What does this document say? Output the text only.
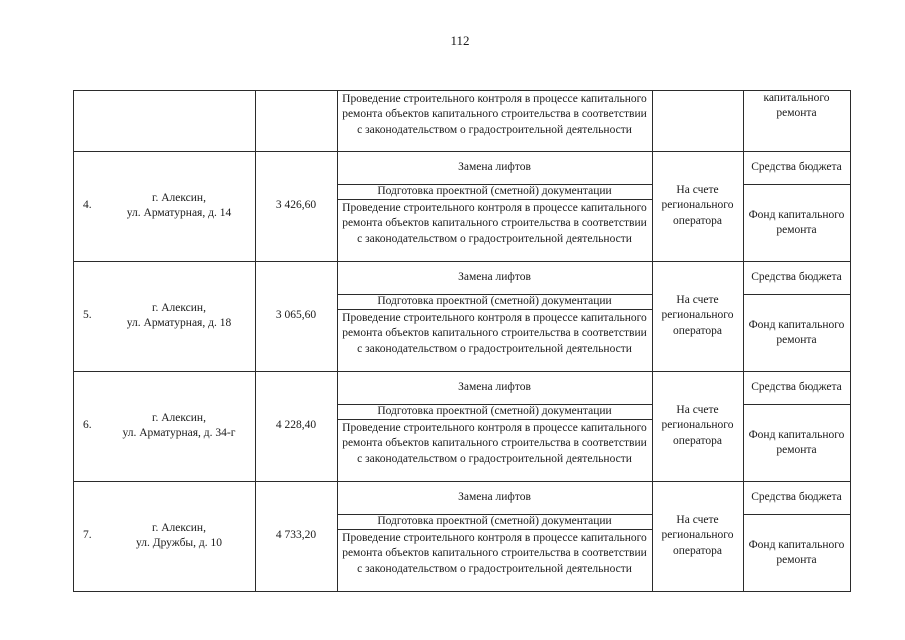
112
Проведение строительного контроля в процессе капитального ремонта объектов капитального строительства в соответствии с законодательством о градостроительной деятельности
капитального ремонта
4.
г. Алексин,
ул. Арматурная, д. 14
3 426,60
Замена лифтов
Подготовка проектной (сметной) документации
Проведение строительного контроля в процессе капитального ремонта объектов капитального строительства в соответствии с законодательством о градостроительной деятельности
На счете регионального оператора
Средства бюджета
Фонд капитального ремонта
5.
г. Алексин,
ул. Арматурная, д. 18
3 065,60
Замена лифтов
Подготовка проектной (сметной) документации
Проведение строительного контроля в процессе капитального ремонта объектов капитального строительства в соответствии с законодательством о градостроительной деятельности
На счете регионального оператора
Средства бюджета
Фонд капитального ремонта
6.
г. Алексин,
ул. Арматурная, д. 34-г
4 228,40
Замена лифтов
Подготовка проектной (сметной) документации
Проведение строительного контроля в процессе капитального ремонта объектов капитального строительства в соответствии с законодательством о градостроительной деятельности
На счете регионального оператора
Средства бюджета
Фонд капитального ремонта
7.
г. Алексин,
ул. Дружбы, д. 10
4 733,20
Замена лифтов
Подготовка проектной (сметной) документации
Проведение строительного контроля в процессе капитального ремонта объектов капитального строительства в соответствии с законодательством о градостроительной деятельности
На счете регионального оператора
Средства бюджета
Фонд капитального ремонта
